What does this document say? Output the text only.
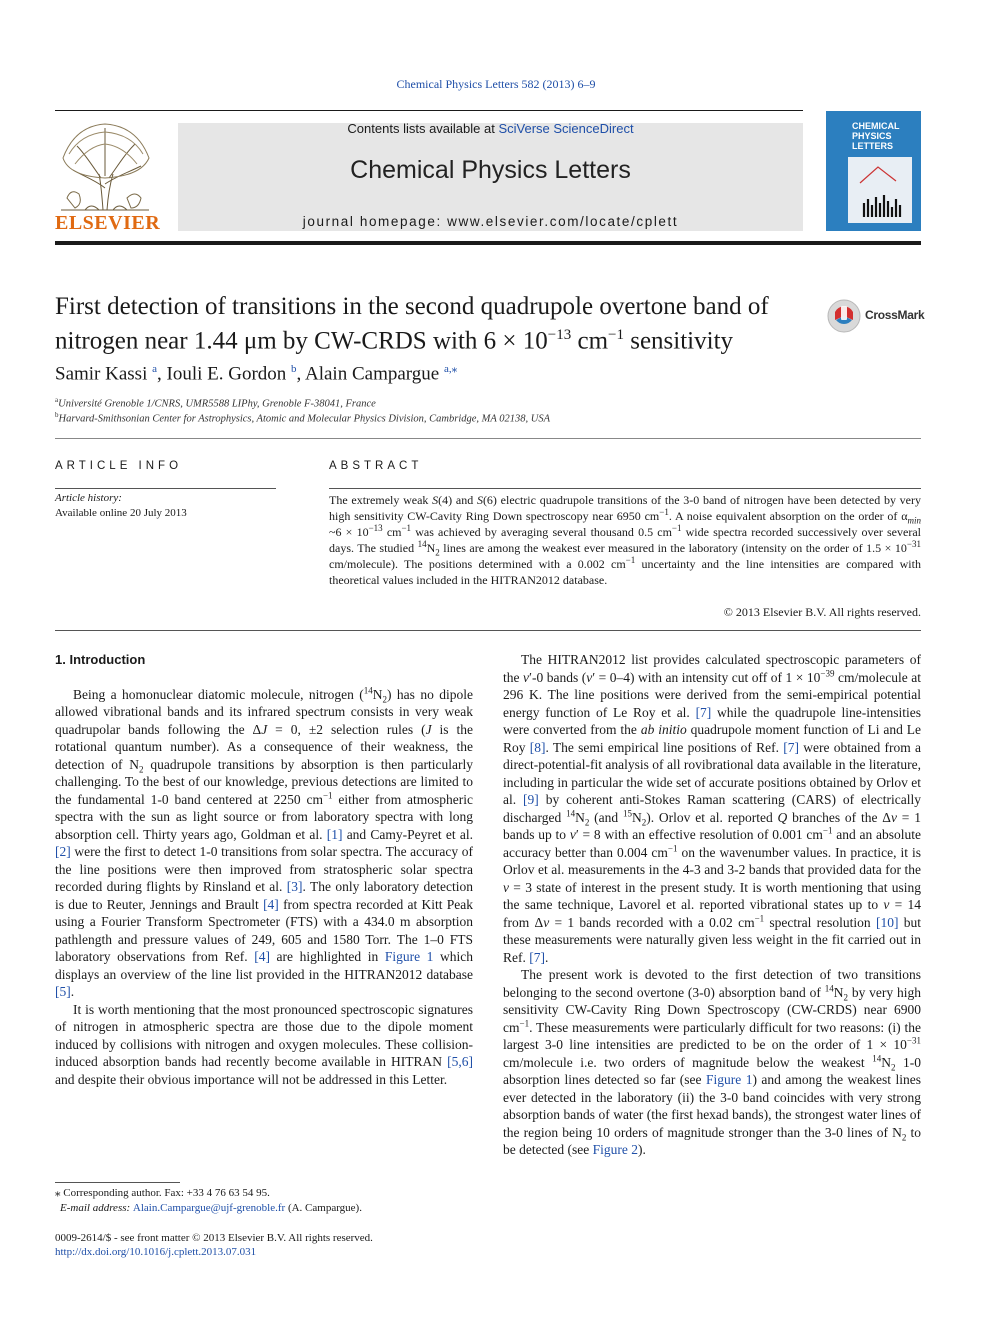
Chemical Physics Letters 582 (2013) 6–9
ELSEVIER
Contents lists available at SciVerse ScienceDirect
Chemical Physics Letters
journal homepage: www.elsevier.com/locate/cplett
CHEMICAL
PHYSICS
LETTERS
First detection of transitions in the second quadrupole overtone band of nitrogen near 1.44 μm by CW-CRDS with $6 \times 10^{-13}$ $cm^{-1}$ sensitivity
CrossMark
Samir Kassi $^a$, Iouli E. Gordon $^b$, Alain Campargue $^{a,⁎}$
$^a$Université Grenoble 1/CNRS, UMR5588 LIPhy, Grenoble F-38041, France
$^b$Harvard-Smithsonian Center for Astrophysics, Atomic and Molecular Physics Division, Cambridge, MA 02138, USA
ARTICLE INFO	ABSTRACT
Article history:
Available online 20 July 2013
The extremely weak S(4) and S(6) electric quadrupole transitions of the 3-0 band of nitrogen have been detected by very high sensitivity CW-Cavity Ring Down spectroscopy near 6950 $cm^{-1}$. A noise equivalent absorption on the order of $\alpha_{min}$ ~6 × $10^{-13}$ $cm^{-1}$ was achieved by averaging several thousand 0.5 $cm^{-1}$ wide spectra recorded successively over several days. The studied $^{14}N_2$ lines are among the weakest ever measured in the laboratory (intensity on the order of $1.5 \times 10^{-31}$ cm/molecule). The positions determined with a 0.002 $cm^{-1}$ uncertainty and the line intensities are compared with theoretical values included in the HITRAN2012 database.
© 2013 Elsevier B.V. All rights reserved.
1. Introduction

Being a homonuclear diatomic molecule, nitrogen $(^{14}N_2)$ has no dipole allowed vibrational bands and its infrared spectrum consists in very weak quadrupolar bands following the ΔJ = 0, ±2 selection rules (J is the rotational quantum number). As a consequence of their weakness, the detection of $N_2$ quadrupole transitions by absorption is then particularly challenging. To the best of our knowledge, previous detections are limited to the fundamental 1-0 band centered at 2250 $cm^{-1}$ either from atmospheric spectra with the sun as light source or from laboratory spectra with long absorption cell. Thirty years ago, Goldman et al. [1] and Camy-Peyret et al. [2] were the first to detect 1-0 transitions from solar spectra. The accuracy of the line positions were then improved from stratospheric solar spectra recorded during flights by Rinsland et al. [3]. The only laboratory detection is due to Reuter, Jennings and Brault [4] from spectra recorded at Kitt Peak using a Fourier Transform Spectrometer (FTS) with a 434.0 m absorption pathlength and pressure values of 249, 605 and 1580 Torr. The 1–0 FTS laboratory observations from Ref. [4] are highlighted in Figure 1 which displays an overview of the line list provided in the HITRAN2012 database [5].

It is worth mentioning that the most pronounced spectroscopic signatures of nitrogen in atmospheric spectra are those due to the dipole moment induced by collisions with nitrogen and oxygen molecules. These collision-induced absorption bands had recently become available in HITRAN [5,6] and despite their obvious importance will not be addressed in this Letter.

The HITRAN2012 list provides calculated spectroscopic parameters of the v′-0 bands (v′ = 0–4) with an intensity cut off of $1 \times 10^{-39}$ cm/molecule at 296 K. The line positions were derived from the semi-empirical potential energy function of Le Roy et al. [7] while the quadrupole line-intensities were converted from the ab initio quadrupole moment function of Li and Le Roy [8]. The semi empirical line positions of Ref. [7] were obtained from a direct-potential-fit analysis of all rovibrational data available in the literature, including in particular the wide set of accurate positions obtained by Orlov et al. [9] by coherent anti-Stokes Raman scattering (CARS) of electrically discharged $^{14}N_2$ (and $^{15}N_2$). Orlov et al. reported Q branches of the Δv = 1 bands up to v′ = 8 with an effective resolution of 0.001 $cm^{-1}$ and an absolute accuracy better than 0.004 $cm^{-1}$ on the wavenumber values. In practice, it is Orlov et al. measurements in the 4-3 and 3-2 bands that provided data for the v = 3 state of interest in the present study. It is worth mentioning that using the same technique, Lavorel et al. reported vibrational states up to v = 14 from Δv = 1 bands recorded with a 0.02 $cm^{-1}$ spectral resolution [10] but these measurements were naturally given less weight in the fit carried out in Ref. [7].

The present work is devoted to the first detection of two transitions belonging to the second overtone (3-0) absorption band of $^{14}N_2$ by very high sensitivity CW-Cavity Ring Down Spectroscopy (CW-CRDS) near 6900 $cm^{-1}$. These measurements were particularly difficult for two reasons: (i) the largest 3-0 line intensities are predicted to be on the order of $1 \times 10^{-31}$ cm/molecule i.e. two orders of magnitude below the weakest $^{14}N_2$ 1-0 absorption lines detected so far (see Figure 1) and among the weakest lines ever detected in the laboratory (ii) the 3-0 band coincides with very strong absorption bands of water (the first hexad bands), the strongest water lines of the region being 10 orders of magnitude stronger than the 3-0 lines of $N_2$ to be detected (see Figure 2).

⁎ Corresponding author. Fax: +33 4 76 63 54 95.
E-mail address: Alain.Campargue@ujf-grenoble.fr (A. Campargue).
0009-2614/$ - see front matter © 2013 Elsevier B.V. All rights reserved.
http://dx.doi.org/10.1016/j.cplett.2013.07.031
